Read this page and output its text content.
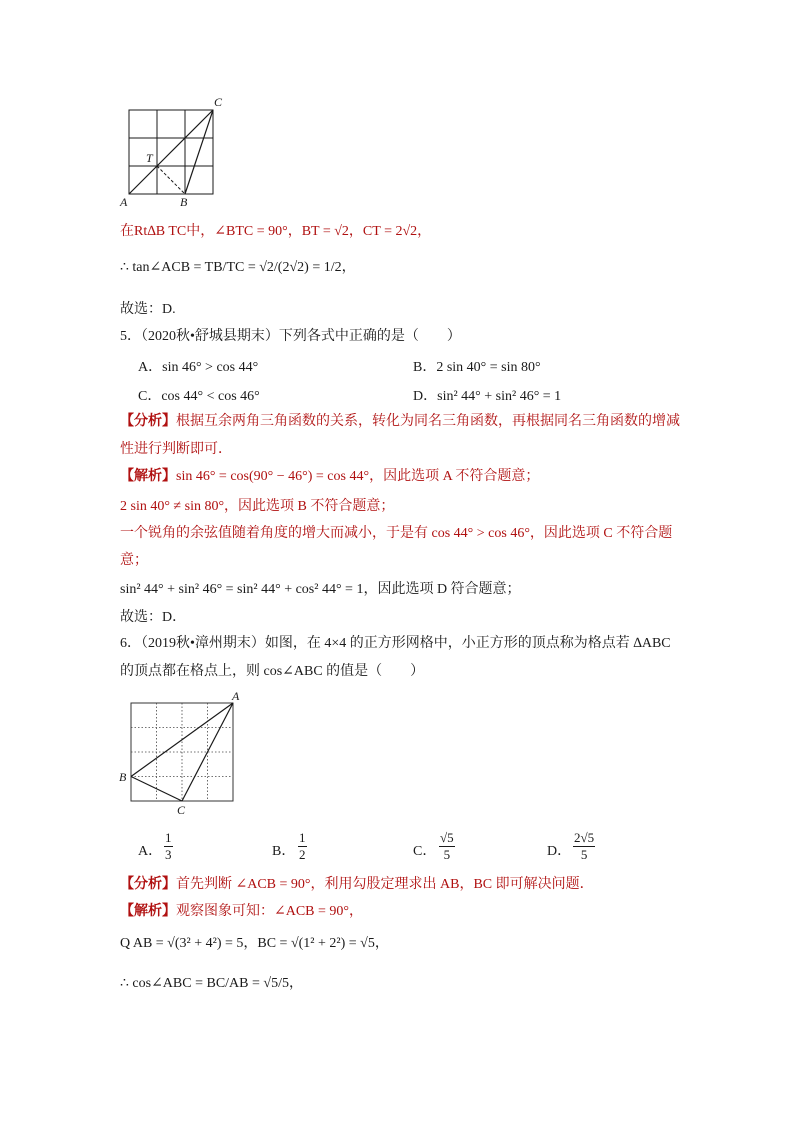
C
T
A	B
在Rt∆B TC中，∠BTC = 90°，BT = √2，CT = 2√2，
∴ tan∠ACB = TB/TC = √2/(2√2) = 1/2，
故选：D.
5．（2020秋•舒城县期末）下列各式中正确的是（　　）
A．sin 46° > cos 44°	B．2 sin 40° = sin 80°
C．cos 44° < cos 46°	D．sin² 44° + sin² 46° = 1
【分析】根据互余两角三角函数的关系，转化为同名三角函数，再根据同名三角函数的增减
性进行判断即可．
【解析】sin 46° = cos(90° − 46°) = cos 44°，因此选项 A 不符合题意；
2 sin 40° ≠ sin 80°，因此选项 B 不符合题意；
一个锐角的余弦值随着角度的增大而减小，于是有 cos 44° > cos 46°，因此选项 C 不符合题
意；
sin² 44° + sin² 46° = sin² 44° + cos² 44° = 1，因此选项 D 符合题意；
故选：D．
6．（2019秋•漳州期末）如图，在 4×4 的正方形网格中，小正方形的顶点称为格点若 ∆ABC
的顶点都在格点上，则 cos∠ABC 的值是（　　）
A
B
C
A． $\frac{1}{3}$	B． $\frac{1}{2}$	C． $\frac{√5}{5}$	D． $\frac{2√5}{5}$
【分析】首先判断 ∠ACB = 90°，利用勾股定理求出 AB，BC 即可解决问题．
【解析】观察图象可知：∠ACB = 90°，
Q AB = √(3² + 4²) = 5，BC = √(1² + 2²) = √5，
∴ cos∠ABC = BC/AB = √5/5，
